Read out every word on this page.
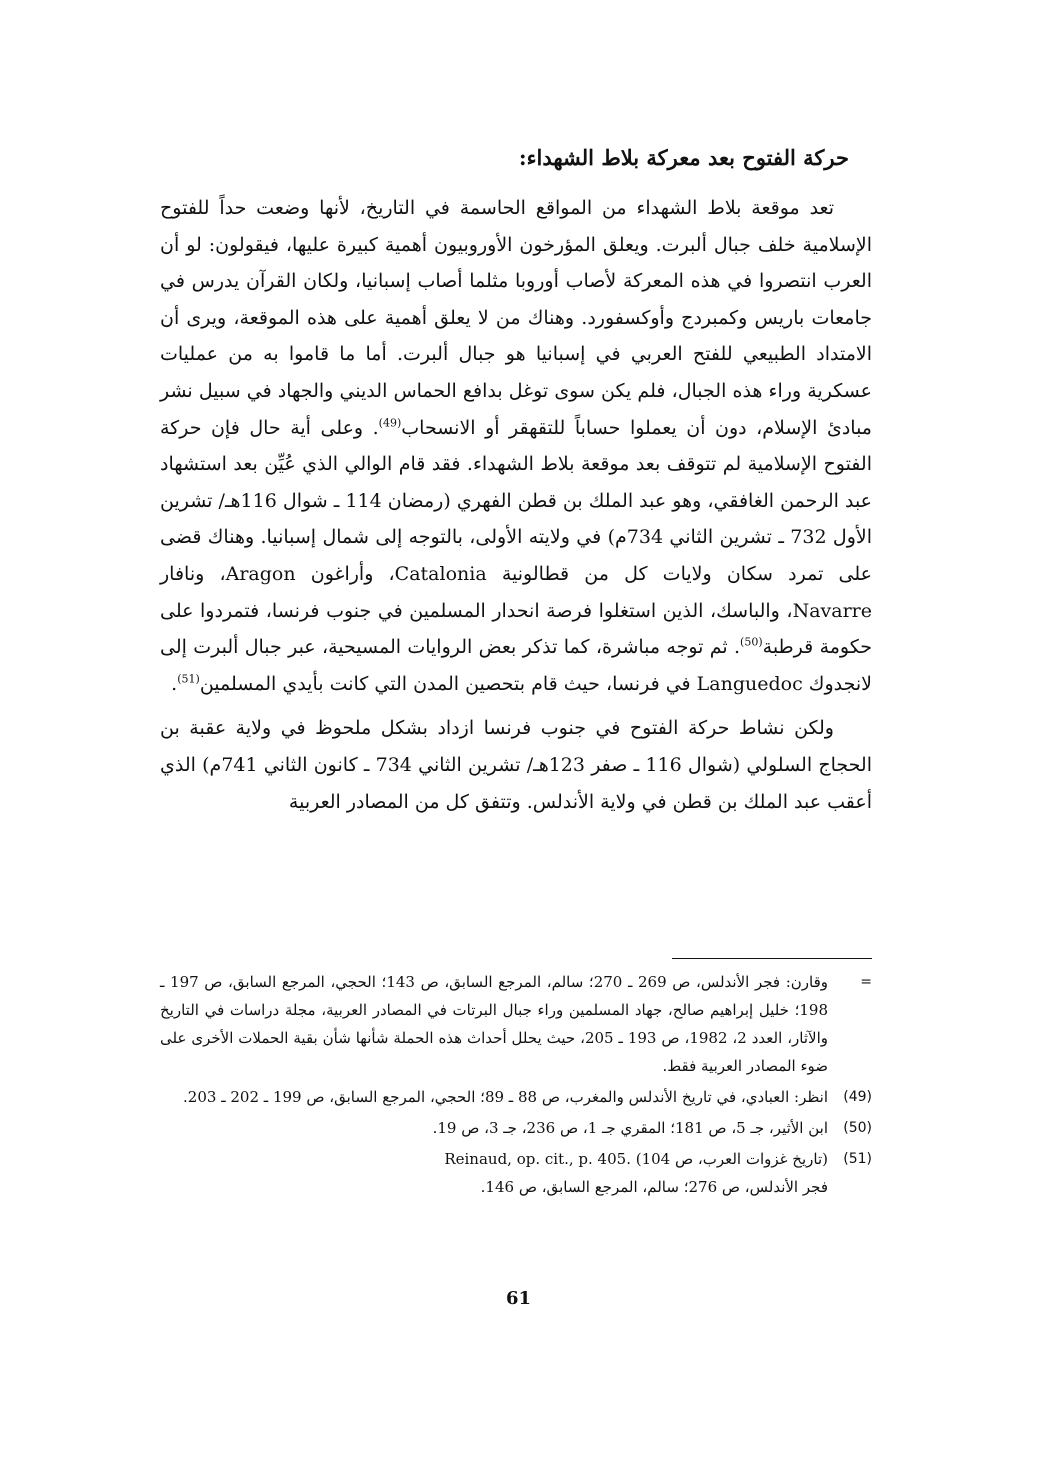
حركة الفتوح بعد معركة بلاط الشهداء:

تعد موقعة بلاط الشهداء من المواقع الحاسمة في التاريخ، لأنها وضعت حداً للفتوح الإسلامية خلف جبال ألبرت. ويعلق المؤرخون الأوروبيون أهمية كبيرة عليها، فيقولون: لو أن العرب انتصروا في هذه المعركة لأصاب أوروبا مثلما أصاب إسبانيا، ولكان القرآن يدرس في جامعات باريس وكمبردج وأوكسفورد. وهناك من لا يعلق أهمية على هذه الموقعة، ويرى أن الامتداد الطبيعي للفتح العربي في إسبانيا هو جبال ألبرت. أما ما قاموا به من عمليات عسكرية وراء هذه الجبال، فلم يكن سوى توغل بدافع الحماس الديني والجهاد في سبيل نشر مبادئ الإسلام، دون أن يعملوا حساباً للتقهقر أو الانسحاب$^{(49)}$. وعلى أية حال فإن حركة الفتوح الإسلامية لم تتوقف بعد موقعة بلاط الشهداء. فقد قام الوالي الذي عُيِّن بعد استشهاد عبد الرحمن الغافقي، وهو عبد الملك بن قطن الفهري (رمضان 114 ـ شوال 116هـ/ تشرين الأول 732 ـ تشرين الثاني 734م) في ولايته الأولى، بالتوجه إلى شمال إسبانيا. وهناك قضى على تمرد سكان ولايات كل من قطالونية Catalonia، وأراغون Aragon، ونافار Navarre، والباسك، الذين استغلوا فرصة انحدار المسلمين في جنوب فرنسا، فتمردوا على حكومة قرطبة$^{(50)}$. ثم توجه مباشرة، كما تذكر بعض الروايات المسيحية، عبر جبال ألبرت إلى لانجدوك Languedoc في فرنسا، حيث قام بتحصين المدن التي كانت بأيدي المسلمين$^{(51)}$.

ولكن نشاط حركة الفتوح في جنوب فرنسا ازداد بشكل ملحوظ في ولاية عقبة بن الحجاج السلولي (شوال 116 ـ صفر 123هـ/ تشرين الثاني 734 ـ كانون الثاني 741م) الذي أعقب عبد الملك بن قطن في ولاية الأندلس. وتتفق كل من المصادر العربية

=
وقارن: فجر الأندلس، ص 269 ـ 270؛ سالم، المرجع السابق، ص 143؛ الحجي، المرجع السابق، ص 197 ـ 198؛ خليل إبراهيم صالح، جهاد المسلمين وراء جبال البرتات في المصادر العربية، مجلة دراسات في التاريخ والآثار، العدد 2، 1982، ص 193 ـ 205، حيث يحلل أحداث هذه الحملة شأنها شأن بقية الحملات الأخرى على ضوء المصادر العربية فقط.
(49)
انظر: العبادي، في تاريخ الأندلس والمغرب، ص 88 ـ 89؛ الحجي، المرجع السابق، ص 199 ـ 202 ـ 203.
(50)
ابن الأثير، جـ 5، ص 181؛ المقري جـ 1، ص 236، جـ 3، ص 19.
(51)
(تاريخ غزوات العرب، ص 104) .Reinaud, op. cit., p. 405
فجر الأندلس، ص 276؛ سالم، المرجع السابق، ص 146.
61
